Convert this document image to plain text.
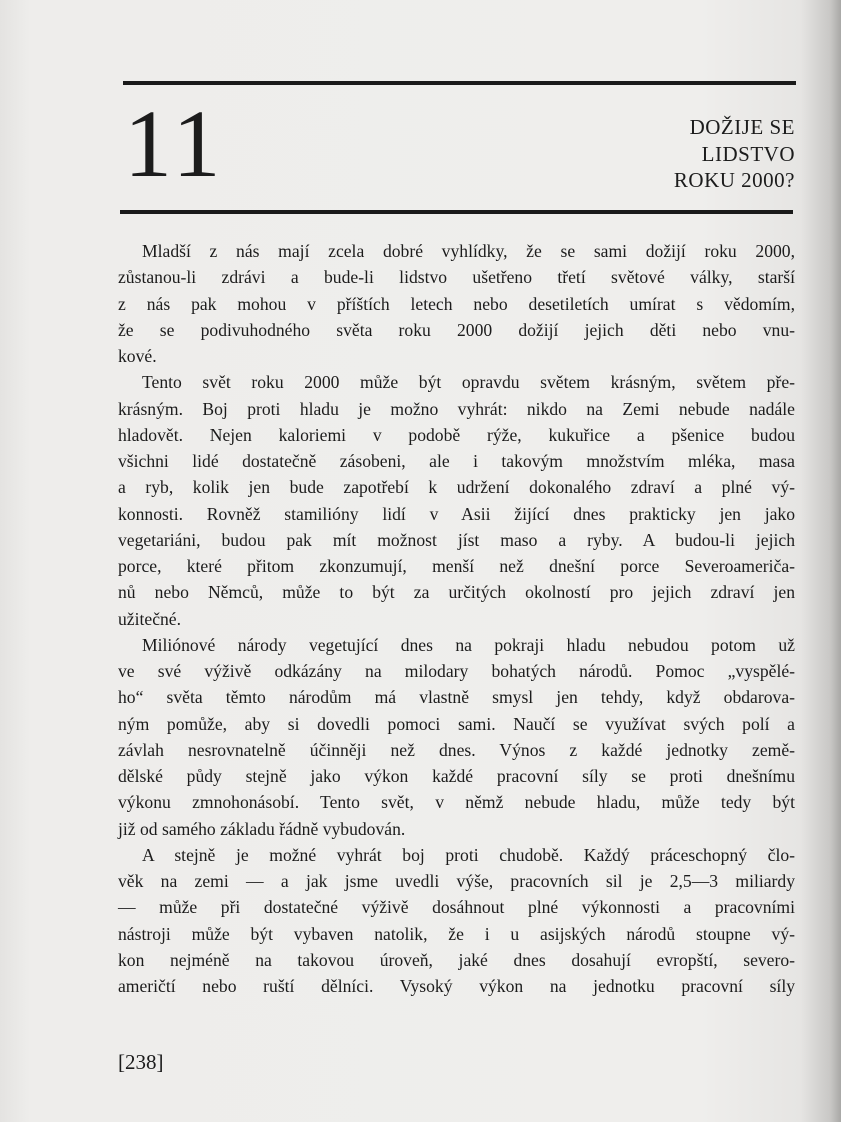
11	DOŽIJE SE
LIDSTVO
ROKU 2000?
Mladší z nás mají zcela dobré vyhlídky, že se sami dožijí roku 2000,
zůstanou-li zdrávi a bude-li lidstvo ušetřeno třetí světové války, starší
z nás pak mohou v příštích letech nebo desetiletích umírat s vědomím,
že se podivuhodného světa roku 2000 dožijí jejich děti nebo vnu-
kové.
Tento svět roku 2000 může být opravdu světem krásným, světem pře-
krásným. Boj proti hladu je možno vyhrát: nikdo na Zemi nebude nadále
hladovět. Nejen kaloriemi v podobě rýže, kukuřice a pšenice budou
všichni lidé dostatečně zásobeni, ale i takovým množstvím mléka, masa
a ryb, kolik jen bude zapotřebí k udržení dokonalého zdraví a plné vý-
konnosti. Rovněž stamilióny lidí v Asii žijící dnes prakticky jen jako
vegetariáni, budou pak mít možnost jíst maso a ryby. A budou-li jejich
porce, které přitom zkonzumují, menší než dnešní porce Severoameriča-
nů nebo Němců, může to být za určitých okolností pro jejich zdraví jen
užitečné.
Miliónové národy vegetující dnes na pokraji hladu nebudou potom už
ve své výživě odkázány na milodary bohatých národů. Pomoc „vyspělé-
ho“ světa těmto národům má vlastně smysl jen tehdy, když obdarova-
ným pomůže, aby si dovedli pomoci sami. Naučí se využívat svých polí a
závlah nesrovnatelně účinněji než dnes. Výnos z každé jednotky země-
dělské půdy stejně jako výkon každé pracovní síly se proti dnešnímu
výkonu zmnohonásobí. Tento svět, v němž nebude hladu, může tedy být
již od samého základu řádně vybudován.
A stejně je možné vyhrát boj proti chudobě. Každý práceschopný člo-
věk na zemi — a jak jsme uvedli výše, pracovních sil je 2,5—3 miliardy
— může při dostatečné výživě dosáhnout plné výkonnosti a pracovními
nástroji může být vybaven natolik, že i u asijských národů stoupne vý-
kon nejméně na takovou úroveň, jaké dnes dosahují evropští, severo-
američtí nebo ruští dělníci. Vysoký výkon na jednotku pracovní síly
[238]
